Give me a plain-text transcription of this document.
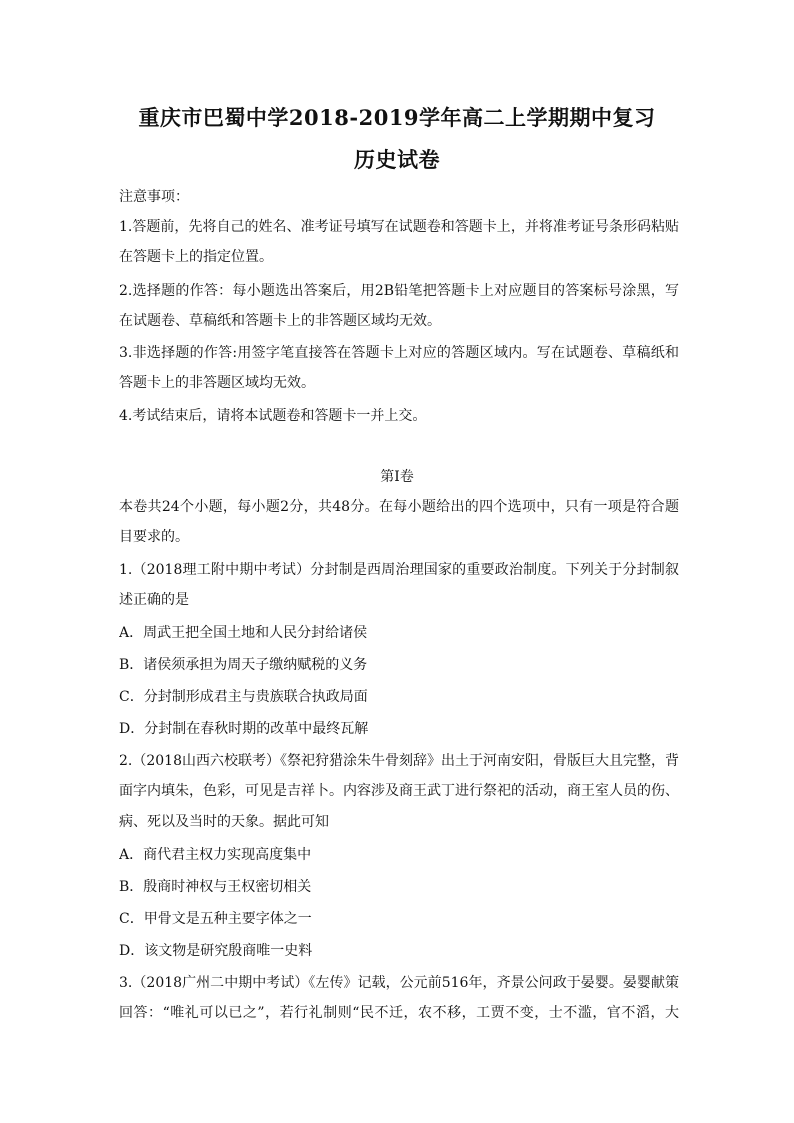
重庆市巴蜀中学2018-2019学年高二上学期期中复习
历史试卷
注意事项：
1.答题前，先将自己的姓名、准考证号填写在试题卷和答题卡上，并将准考证号条形码粘贴
在答题卡上的指定位置。
2.选择题的作答：每小题选出答案后，用2B铅笔把答题卡上对应题目的答案标号涂黑，写
在试题卷、草稿纸和答题卡上的非答题区域均无效。
3.非选择题的作答:用签字笔直接答在答题卡上对应的答题区域内。写在试题卷、草稿纸和
答题卡上的非答题区域均无效。
4.考试结束后，请将本试题卷和答题卡一并上交。
第Ⅰ卷
本卷共24个小题，每小题2分，共48分。在每小题给出的四个选项中，只有一项是符合题
目要求的。
1.（2018理工附中期中考试）分封制是西周治理国家的重要政治制度。下列关于分封制叙
述正确的是
A．周武王把全国土地和人民分封给诸侯
B．诸侯须承担为周天子缴纳赋税的义务
C．分封制形成君主与贵族联合执政局面
D．分封制在春秋时期的改革中最终瓦解
2.（2018山西六校联考）《祭祀狩猎涂朱牛骨刻辞》出土于河南安阳，骨版巨大且完整，背
面字内填朱，色彩，可见是吉祥卜。内容涉及商王武丁进行祭祀的活动，商王室人员的伤、
病、死以及当时的天象。据此可知
A．商代君主权力实现高度集中
B．殷商时神权与王权密切相关
C．甲骨文是五种主要字体之一
D．该文物是研究殷商唯一史料
3.（2018广州二中期中考试）《左传》记载，公元前516年，齐景公问政于晏婴。晏婴献策
回答：“唯礼可以已之”，若行礼制则“民不迁，农不移，工贾不变，士不滥，官不滔，大
